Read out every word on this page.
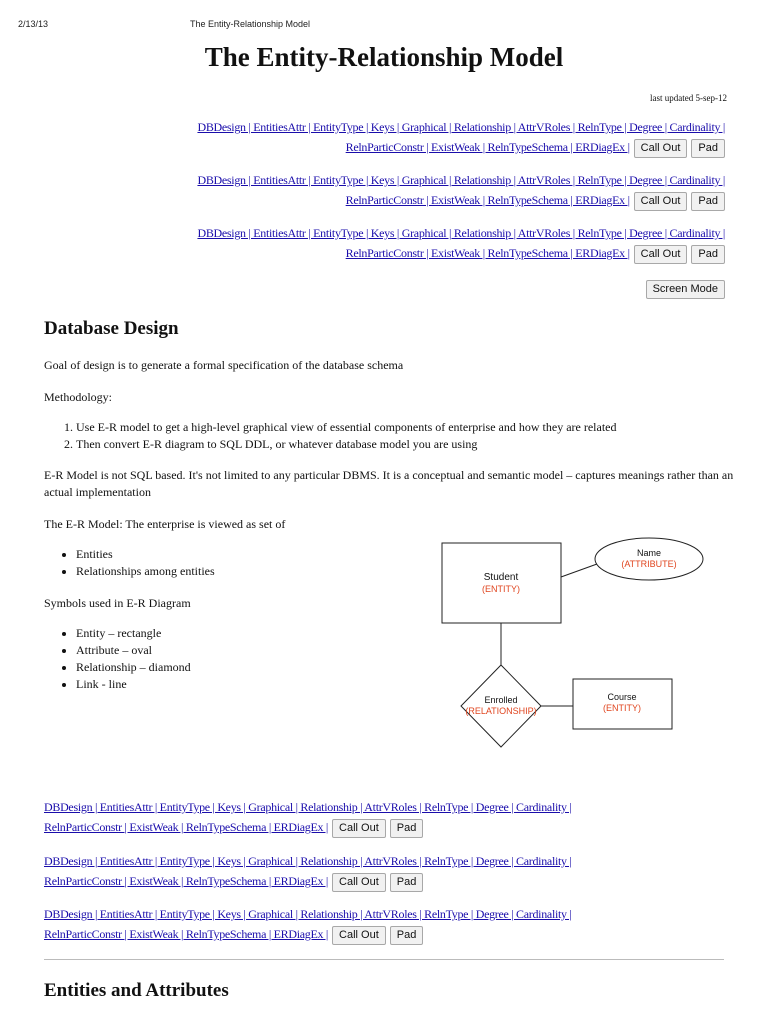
2/13/13	The Entity-Relationship Model
The Entity-Relationship Model
last updated 5-sep-12
DBDesign | EntitiesAttr | EntityType | Keys | Graphical | Relationship | AttrVRoles | RelnType | Degree | Cardinality |
RelnParticConstr | ExistWeak | RelnTypeSchema | ERDiagEx | Call Out Pad
DBDesign | EntitiesAttr | EntityType | Keys | Graphical | Relationship | AttrVRoles | RelnType | Degree | Cardinality |
RelnParticConstr | ExistWeak | RelnTypeSchema | ERDiagEx | Call Out Pad
DBDesign | EntitiesAttr | EntityType | Keys | Graphical | Relationship | AttrVRoles | RelnType | Degree | Cardinality |
RelnParticConstr | ExistWeak | RelnTypeSchema | ERDiagEx | Call Out Pad
Screen Mode
Database Design

Goal of design is to generate a formal specification of the database schema

Methodology:

1. Use E-R model to get a high-level graphical view of essential components of enterprise and how they are related
2. Then convert E-R diagram to SQL DDL, or whatever database model you are using

E-R Model is not SQL based. It's not limited to any particular DBMS. It is a conceptual and semantic model – captures meanings rather than an actual implementation

The E-R Model: The enterprise is viewed as set of

• Entities
• Relationships among entities

Symbols used in E-R Diagram

• Entity – rectangle
• Attribute – oval
• Relationship – diamond
• Link - line
Student
(ENTITY)
Name
(ATTRIBUTE)
Enrolled
(RELATIONSHIP)
Course
(ENTITY)
DBDesign | EntitiesAttr | EntityType | Keys | Graphical | Relationship | AttrVRoles | RelnType | Degree | Cardinality |
RelnParticConstr | ExistWeak | RelnTypeSchema | ERDiagEx | Call Out Pad
DBDesign | EntitiesAttr | EntityType | Keys | Graphical | Relationship | AttrVRoles | RelnType | Degree | Cardinality |
RelnParticConstr | ExistWeak | RelnTypeSchema | ERDiagEx | Call Out Pad
DBDesign | EntitiesAttr | EntityType | Keys | Graphical | Relationship | AttrVRoles | RelnType | Degree | Cardinality |
RelnParticConstr | ExistWeak | RelnTypeSchema | ERDiagEx | Call Out Pad
Entities and Attributes
